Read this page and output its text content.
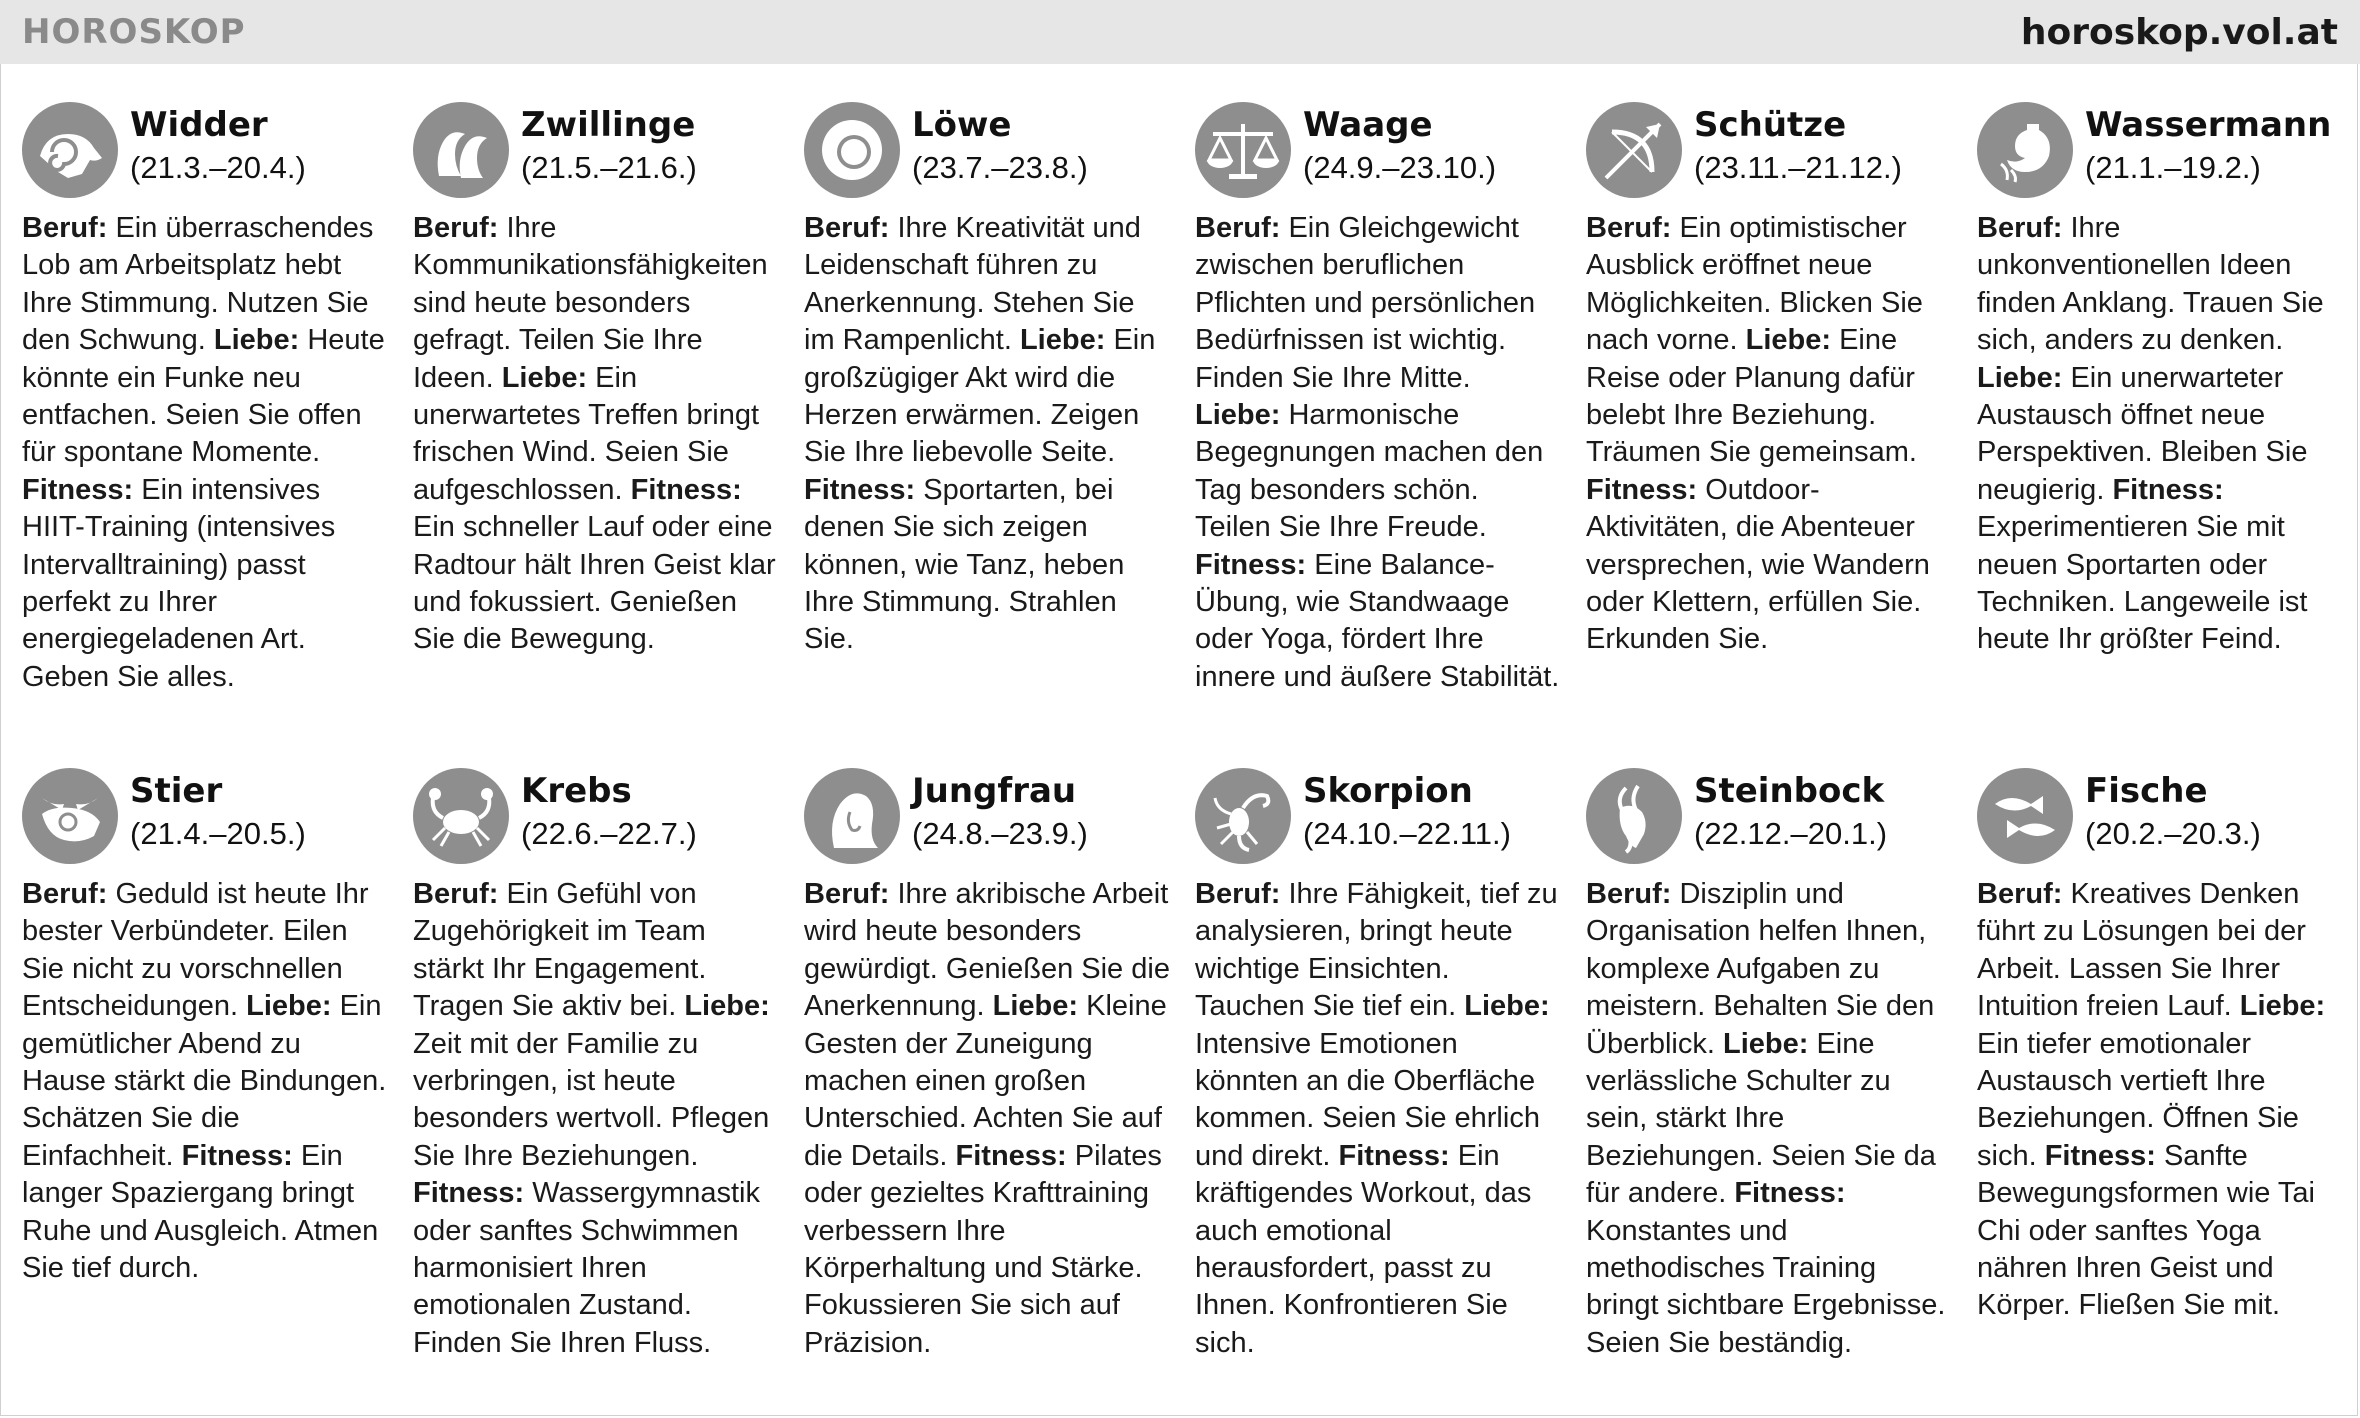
HOROSKOP	horoskop.vol.at
Widder
(21.3.–20.4.)
Beruf: Ein überraschendes Lob am Arbeitsplatz hebt Ihre Stimmung. Nutzen Sie den Schwung. Liebe: Heute könnte ein Funke neu entfachen. Seien Sie offen für spontane Momente. Fitness: Ein intensives HIIT-Training (intensives Intervalltraining) passt perfekt zu Ihrer energiegeladenen Art. Geben Sie alles.
Zwillinge
(21.5.–21.6.)
Beruf: Ihre Kommunikationsfähigkeiten sind heute besonders gefragt. Teilen Sie Ihre Ideen. Liebe: Ein unerwartetes Treffen bringt frischen Wind. Seien Sie aufgeschlossen. Fitness: Ein schneller Lauf oder eine Radtour hält Ihren Geist klar und fokussiert. Genießen Sie die Bewegung.
Löwe
(23.7.–23.8.)
Beruf: Ihre Kreativität und Leidenschaft führen zu Anerkennung. Stehen Sie im Rampenlicht. Liebe: Ein großzügiger Akt wird die Herzen erwärmen. Zeigen Sie Ihre liebevolle Seite. Fitness: Sportarten, bei denen Sie sich zeigen können, wie Tanz, heben Ihre Stimmung. Strahlen Sie.
Waage
(24.9.–23.10.)
Beruf: Ein Gleichgewicht zwischen beruflichen Pflichten und persönlichen Bedürfnissen ist wichtig. Finden Sie Ihre Mitte. Liebe: Harmonische Begegnungen machen den Tag besonders schön. Teilen Sie Ihre Freude. Fitness: Eine Balance-Übung, wie Standwaage oder Yoga, fördert Ihre innere und äußere Stabilität.
Schütze
(23.11.–21.12.)
Beruf: Ein optimistischer Ausblick eröffnet neue Möglichkeiten. Blicken Sie nach vorne. Liebe: Eine Reise oder Planung dafür belebt Ihre Beziehung. Träumen Sie gemeinsam. Fitness: Outdoor-Aktivitäten, die Abenteuer versprechen, wie Wandern oder Klettern, erfüllen Sie. Erkunden Sie.
Wassermann
(21.1.–19.2.)
Beruf: Ihre unkonventionellen Ideen finden Anklang. Trauen Sie sich, anders zu denken. Liebe: Ein unerwarteter Austausch öffnet neue Perspektiven. Bleiben Sie neugierig. Fitness: Experimentieren Sie mit neuen Sportarten oder Techniken. Langeweile ist heute Ihr größter Feind.
Stier
(21.4.–20.5.)
Beruf: Geduld ist heute Ihr bester Verbündeter. Eilen Sie nicht zu vorschnellen Entscheidungen. Liebe: Ein gemütlicher Abend zu Hause stärkt die Bindungen. Schätzen Sie die Einfachheit. Fitness: Ein langer Spaziergang bringt Ruhe und Ausgleich. Atmen Sie tief durch.
Krebs
(22.6.–22.7.)
Beruf: Ein Gefühl von Zugehörigkeit im Team stärkt Ihr Engagement. Tragen Sie aktiv bei. Liebe: Zeit mit der Familie zu verbringen, ist heute besonders wertvoll. Pflegen Sie Ihre Beziehungen. Fitness: Wassergymnastik oder sanftes Schwimmen harmonisiert Ihren emotionalen Zustand. Finden Sie Ihren Fluss.
Jungfrau
(24.8.–23.9.)
Beruf: Ihre akribische Arbeit wird heute besonders gewürdigt. Genießen Sie die Anerkennung. Liebe: Kleine Gesten der Zuneigung machen einen großen Unterschied. Achten Sie auf die Details. Fitness: Pilates oder gezieltes Krafttraining verbessern Ihre Körperhaltung und Stärke. Fokussieren Sie sich auf Präzision.
Skorpion
(24.10.–22.11.)
Beruf: Ihre Fähigkeit, tief zu analysieren, bringt heute wichtige Einsichten. Tauchen Sie tief ein. Liebe: Intensive Emotionen könnten an die Oberfläche kommen. Seien Sie ehrlich und direkt. Fitness: Ein kräftigendes Workout, das auch emotional herausfordert, passt zu Ihnen. Konfrontieren Sie sich.
Steinbock
(22.12.–20.1.)
Beruf: Disziplin und Organisation helfen Ihnen, komplexe Aufgaben zu meistern. Behalten Sie den Überblick. Liebe: Eine verlässliche Schulter zu sein, stärkt Ihre Beziehungen. Seien Sie da für andere. Fitness: Konstantes und methodisches Training bringt sichtbare Ergebnisse. Seien Sie beständig.
Fische
(20.2.–20.3.)
Beruf: Kreatives Denken führt zu Lösungen bei der Arbeit. Lassen Sie Ihrer Intuition freien Lauf. Liebe: Ein tiefer emotionaler Austausch vertieft Ihre Beziehungen. Öffnen Sie sich. Fitness: Sanfte Bewegungsformen wie Tai Chi oder sanftes Yoga nähren Ihren Geist und Körper. Fließen Sie mit.
